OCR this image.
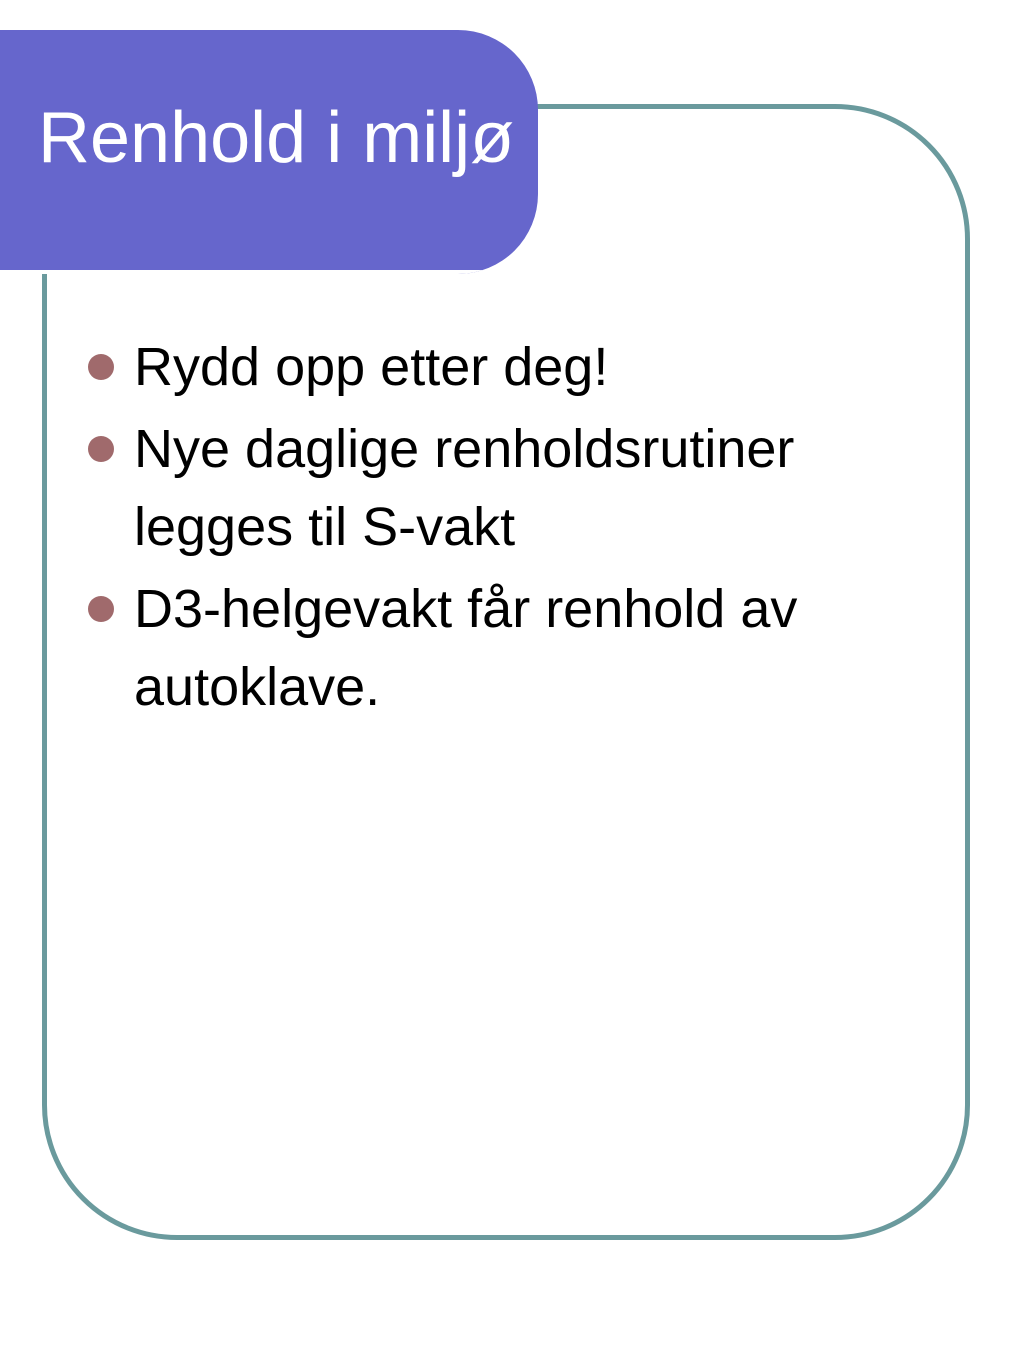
Renhold i miljø
Rydd opp etter deg!
Nye daglige renholdsrutiner legges til S-vakt
D3-helgevakt får renhold av autoklave.
